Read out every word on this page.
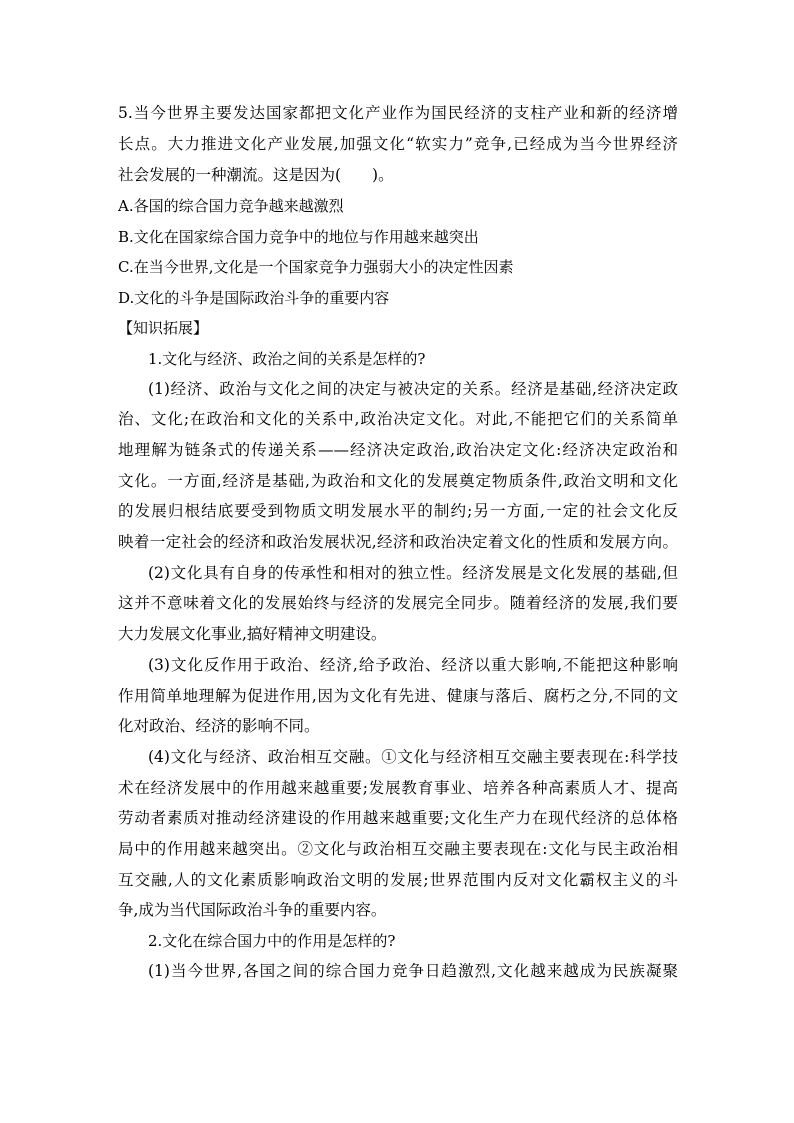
5.当今世界主要发达国家都把文化产业作为国民经济的支柱产业和新的经济增

长点。大力推进文化产业发展,加强文化“软实力”竞争,已经成为当今世界经济

社会发展的一种潮流。这是因为(　　)。

A.各国的综合国力竞争越来越激烈

B.文化在国家综合国力竞争中的地位与作用越来越突出

C.在当今世界,文化是一个国家竞争力强弱大小的决定性因素

D.文化的斗争是国际政治斗争的重要内容

【知识拓展】

1.文化与经济、政治之间的关系是怎样的?

(1)经济、政治与文化之间的决定与被决定的关系。经济是基础,经济决定政
治、文化;在政治和文化的关系中,政治决定文化。对此,不能把它们的关系简单
地理解为链条式的传递关系——经济决定政治,政治决定文化:经济决定政治和
文化。一方面,经济是基础,为政治和文化的发展奠定物质条件,政治文明和文化
的发展归根结底要受到物质文明发展水平的制约;另一方面,一定的社会文化反
映着一定社会的经济和政治发展状况,经济和政治决定着文化的性质和发展方向。
(2)文化具有自身的传承性和相对的独立性。经济发展是文化发展的基础,但
这并不意味着文化的发展始终与经济的发展完全同步。随着经济的发展,我们要
大力发展文化事业,搞好精神文明建设。
(3)文化反作用于政治、经济,给予政治、经济以重大影响,不能把这种影响
作用简单地理解为促进作用,因为文化有先进、健康与落后、腐朽之分,不同的文
化对政治、经济的影响不同。
(4)文化与经济、政治相互交融。①文化与经济相互交融主要表现在:科学技
术在经济发展中的作用越来越重要;发展教育事业、培养各种高素质人才、提高
劳动者素质对推动经济建设的作用越来越重要;文化生产力在现代经济的总体格
局中的作用越来越突出。②文化与政治相互交融主要表现在:文化与民主政治相
互交融,人的文化素质影响政治文明的发展;世界范围内反对文化霸权主义的斗
争,成为当代国际政治斗争的重要内容。

2.文化在综合国力中的作用是怎样的?

(1)当今世界,各国之间的综合国力竞争日趋激烈,文化越来越成为民族凝聚
